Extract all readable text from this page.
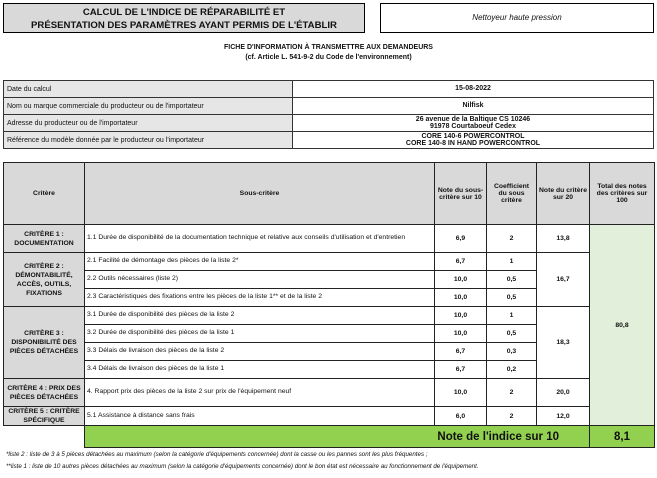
CALCUL DE L'INDICE DE RÉPARABILITÉ ET
PRÉSENTATION DES PARAMÈTRES AYANT PERMIS DE L'ÉTABLIR
Nettoyeur haute pression
FICHE D'INFORMATION À TRANSMETTRE AUX DEMANDEURS
(cf. Article L. 541-9-2 du Code de l'environnement)
Date du calcul	15-08-2022
Nom ou marque commerciale du producteur ou de l'importateur	Nilfisk
Adresse du producteur ou de l'importateur	26 avenue de la Baltique CS 10246
91978 Courtaboeuf Cedex

Référence du modèle donnée par le producteur ou l'importateur	CORE 140-6 POWERCONTROL
CORE 140-8 IN HAND POWERCONTROL
Critère	Sous-critère	Note du sous-critère sur 10	Coefficient du sous critère	Note du critère sur 20	Total des notes des critères sur 100
CRITÈRE 1 : DOCUMENTATION	1.1 Durée de disponibilité de la documentation technique et relative aux conseils d'utilisation et d'entretien	6,9	2	13,8	80,8
CRITÈRE 2 : DÉMONTABILITÉ, ACCÈS, OUTILS, FIXATIONS	2.1 Facilité de démontage des pièces de la liste 2*	6,7	1	16,7	
	2.2 Outils nécessaires (liste 2)	10,0	0,5		
	2.3 Caractéristiques des fixations entre les pièces de la liste 1** et de la liste 2	10,0	0,5		
CRITÈRE 3 : DISPONIBILITÉ DES PIÈCES DÉTACHÉES	3.1 Durée de disponibilité des pièces de la liste 2	10,0	1	18,3	
	3.2 Durée de disponibilité des pièces de la liste 1	10,0	0,5		
	3.3 Délais de livraison des pièces de la liste 2	6,7	0,3		
	3.4 Délais de livraison des pièces de la liste 1	6,7	0,2		
CRITÈRE 4 : PRIX DES PIÈCES DÉTACHÉES	4. Rapport prix des pièces de la liste 2 sur prix de l'équipement neuf	10,0	2	20,0	
CRITÈRE 5 : CRITÈRE SPÉCIFIQUE	5.1 Assistance à distance sans frais	6,0	2	12,0	
	Note de l'indice sur 10				8,1
*liste 2 : liste de 3 à 5 pièces détachées au maximum (selon la catégorie d'équipements concernée) dont la casse ou les pannes sont les plus fréquentes ;
**liste 1 : liste de 10 autres pièces détachées au maximum (selon la catégorie d'équipements concernée) dont le bon état est nécessaire au fonctionnement de l'équipement.
